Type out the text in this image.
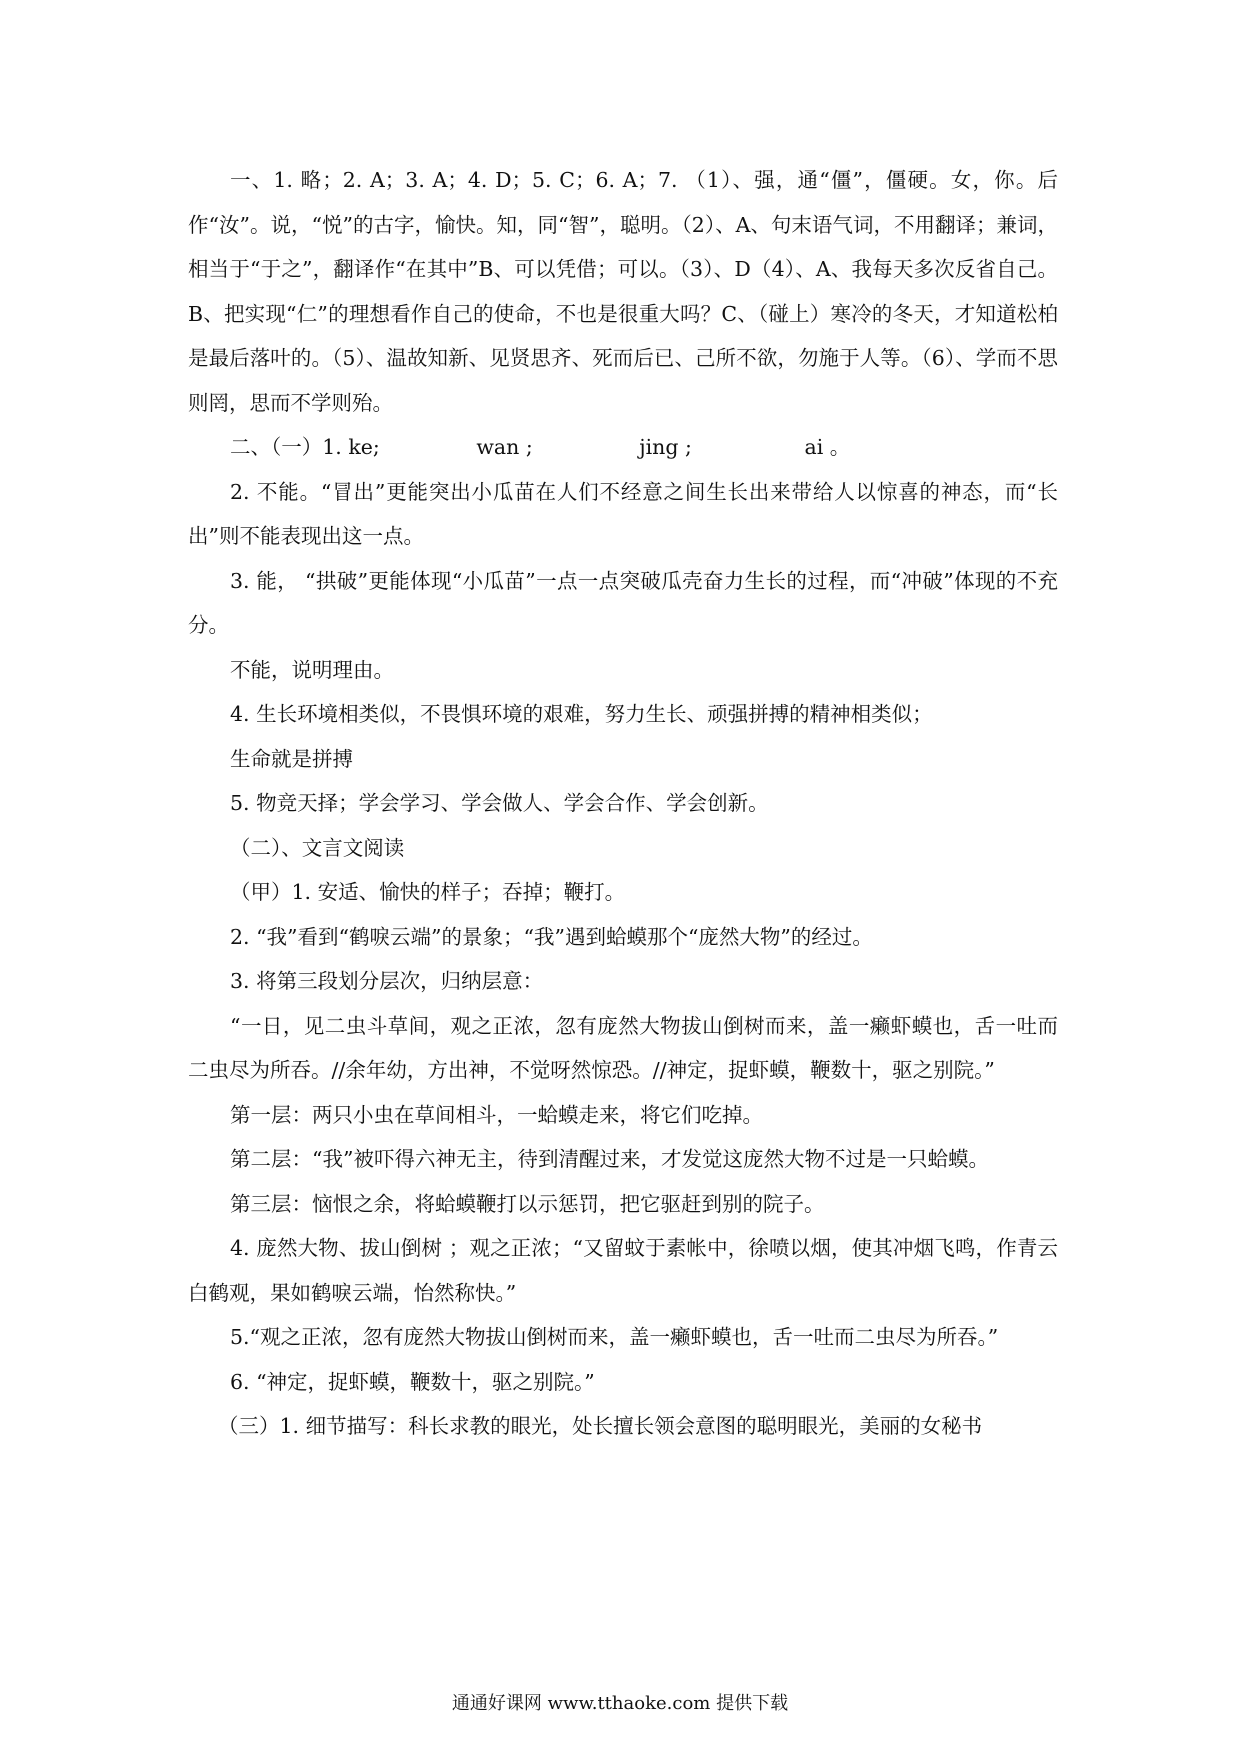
一、1. 略；2. A；3. A；4. D；5. C；6. A；7. （1）、强，通“僵”，僵硬。女，你。后作“汝”。说，“悦”的古字，愉快。知，同“智”，聪明。（2）、A、句末语气词，不用翻译；兼词，相当于“于之”，翻译作“在其中”B、可以凭借；可以。（3）、D（4）、A、我每天多次反省自己。B、把实现“仁”的理想看作自己的使命，不也是很重大吗？C、（碰上）寒冷的冬天，才知道松柏是最后落叶的。（5）、温故知新、见贤思齐、死而后已、己所不欲，勿施于人等。（6）、学而不思则罔，思而不学则殆。

二、（一）1. ke;	wan ;	jing ;	ai 。

2. 不能。“冒出”更能突出小瓜苗在人们不经意之间生长出来带给人以惊喜的神态，而“长出”则不能表现出这一点。

3. 能， “拱破”更能体现“小瓜苗”一点一点突破瓜壳奋力生长的过程，而“冲破”体现的不充分。

不能，说明理由。

4. 生长环境相类似，不畏惧环境的艰难，努力生长、顽强拼搏的精神相类似；

生命就是拼搏

5. 物竞天择；学会学习、学会做人、学会合作、学会创新。

（二）、文言文阅读

（甲）1. 安适、愉快的样子；吞掉；鞭打。

2. “我”看到“鹤唳云端”的景象；“我”遇到蛤蟆那个“庞然大物”的经过。

3. 将第三段划分层次，归纳层意：

“一日，见二虫斗草间，观之正浓，忽有庞然大物拔山倒树而来，盖一癞虾蟆也，舌一吐而二虫尽为所吞。//余年幼，方出神，不觉呀然惊恐。//神定，捉虾蟆，鞭数十，驱之别院。”

第一层：两只小虫在草间相斗，一蛤蟆走来，将它们吃掉。

第二层：“我”被吓得六神无主，待到清醒过来，才发觉这庞然大物不过是一只蛤蟆。

第三层：恼恨之余，将蛤蟆鞭打以示惩罚，把它驱赶到别的院子。

4. 庞然大物、拔山倒树 ；观之正浓；“又留蚊于素帐中，徐喷以烟，使其冲烟飞鸣，作青云白鹤观，果如鹤唳云端，怡然称快。”

5.“观之正浓，忽有庞然大物拔山倒树而来，盖一癞虾蟆也，舌一吐而二虫尽为所吞。”

6. “神定，捉虾蟆，鞭数十，驱之别院。”

（三）1. 细节描写：科长求教的眼光，处长擅长领会意图的聪明眼光，美丽的女秘书

通通好课网 www.tthaoke.com 提供下载
